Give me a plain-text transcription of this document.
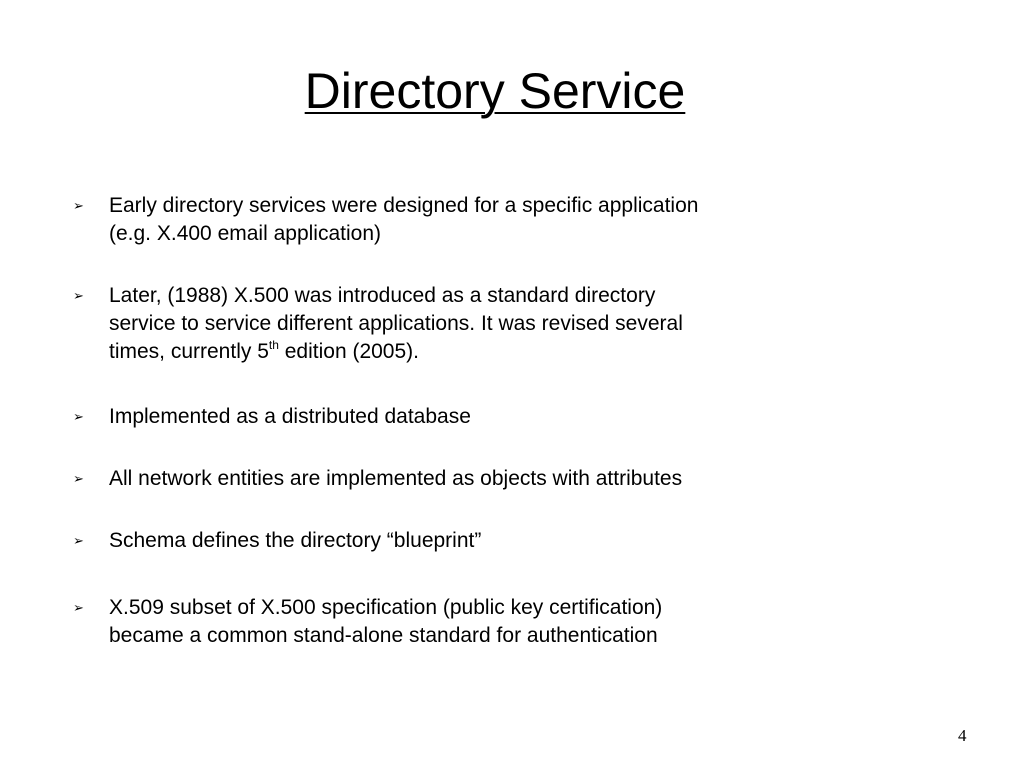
Directory Service
➢	Early directory services were designed for a specific application
(e.g. X.400 email application)
➢	Later, (1988) X.500 was introduced as a standard directory
service to service different applications. It was revised several
times, currently 5th edition (2005).
➢	Implemented as a distributed database
➢	All network entities are implemented as objects with attributes
➢	Schema defines the directory “blueprint”
➢	X.509 subset of X.500 specification (public key certification)
became a common stand-alone standard for authentication
4
